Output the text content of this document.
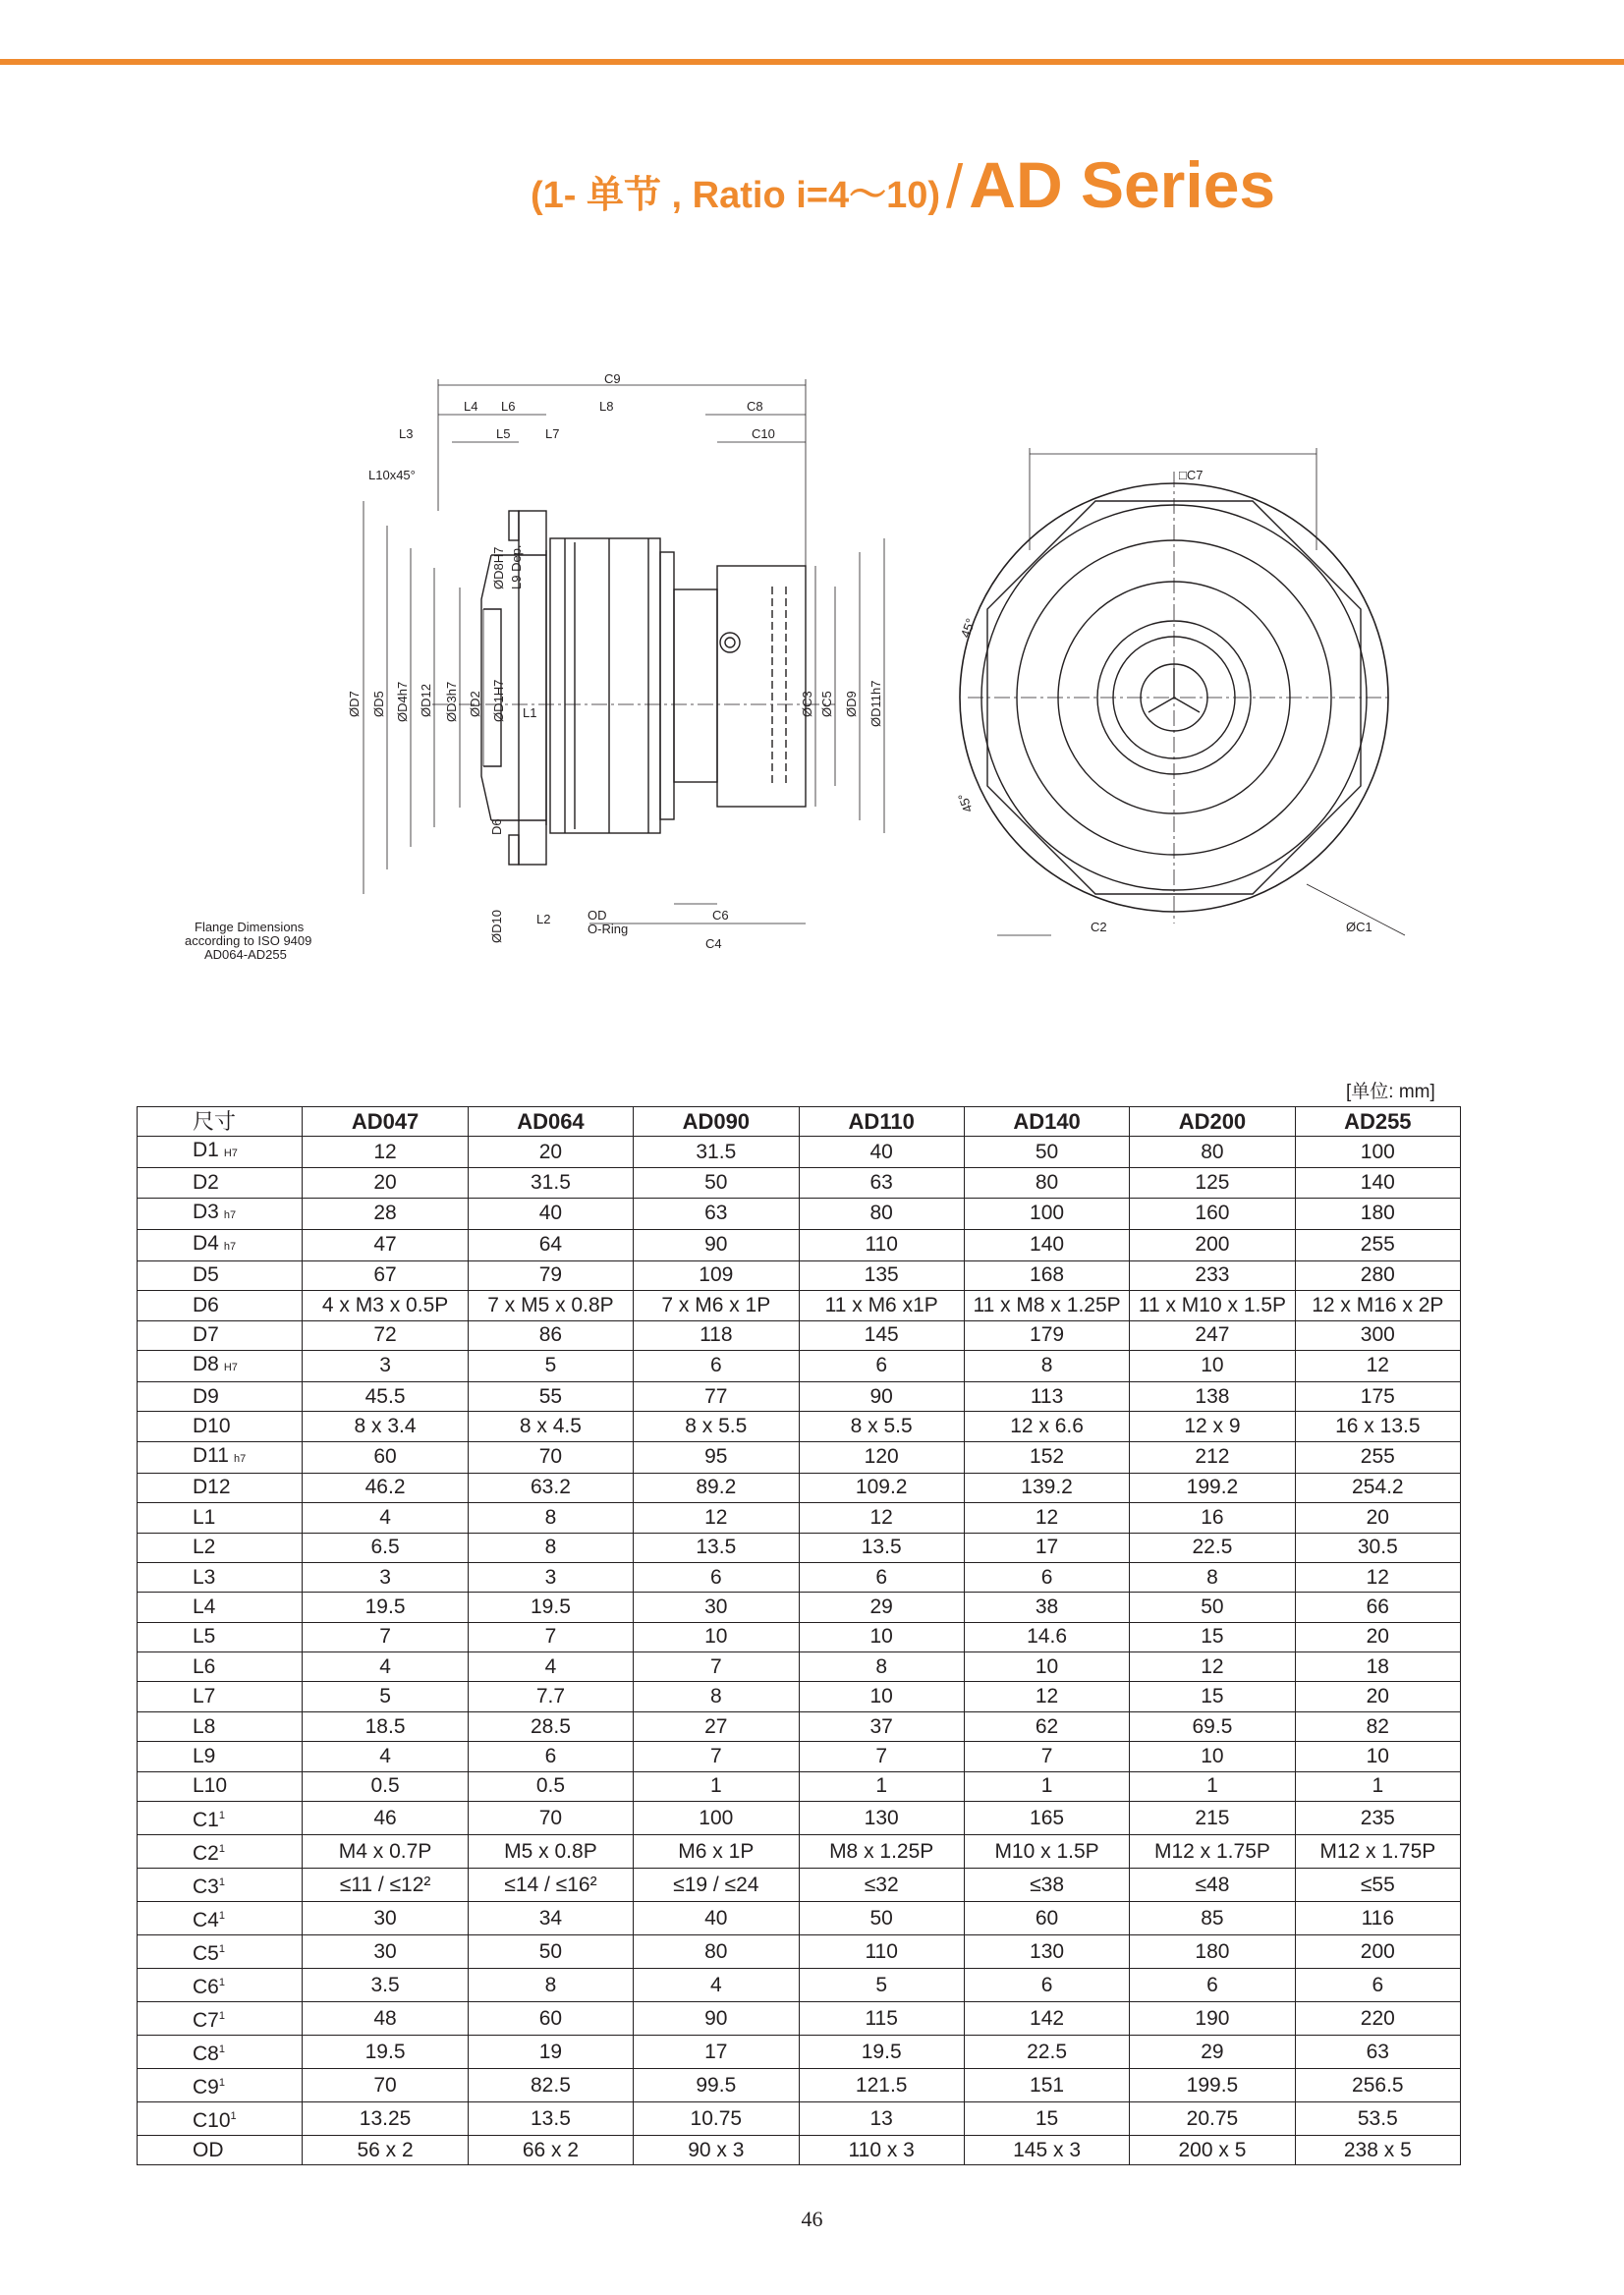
(1- 单节 , Ratio i=4～10)/AD Series
C9
L4 L6	L8	C8
L3	L5	L7	C10
L10x45°	□C7
ØD7 ØD5 ØD4h7 ØD12 ØD3h7 ØD2 ØD1H7
ØD8H7 L9 Dep.
L1
D6
ØD10	L2	OD
O-Ring
C6
C4
ØC3 ØC5 ØD9 ØD11h7
Flange Dimensions
according to ISO 9409
AD064-AD255
C2	ØC1
45°
45°
[单位: mm]
尺寸	AD047	AD064	AD090	AD110	AD140	AD200	AD255
D1 H7	12	20	31.5	40	50	80	100
D2	20	31.5	50	63	80	125	140
D3 h7	28	40	63	80	100	160	180
D4 h7	47	64	90	110	140	200	255
D5	67	79	109	135	168	233	280
D6	4 x M3 x 0.5P	7 x M5 x 0.8P	7 x M6 x 1P	11 x M6 x1P	11 x M8 x 1.25P	11 x M10 x 1.5P	12 x M16 x 2P
D7	72	86	118	145	179	247	300
D8 H7	3	5	6	6	8	10	12
D9	45.5	55	77	90	113	138	175
D10	8 x 3.4	8 x 4.5	8 x 5.5	8 x 5.5	12 x 6.6	12 x 9	16 x 13.5
D11 h7	60	70	95	120	152	212	255
D12	46.2	63.2	89.2	109.2	139.2	199.2	254.2
L1	4	8	12	12	12	16	20
L2	6.5	8	13.5	13.5	17	22.5	30.5
L3	3	3	6	6	6	8	12
L4	19.5	19.5	30	29	38	50	66
L5	7	7	10	10	14.6	15	20
L6	4	4	7	8	10	12	18
L7	5	7.7	8	10	12	15	20
L8	18.5	28.5	27	37	62	69.5	82
L9	4	6	7	7	7	10	10
L10	0.5	0.5	1	1	1	1	1
$C1^1$	46	70	100	130	165	215	235
$C2^1$	M4 x 0.7P	M5 x 0.8P	M6 x 1P	M8 x 1.25P	M10 x 1.5P	M12 x 1.75P	M12 x 1.75P
$C3^1$	≤11 / ≤12²	≤14 / ≤16²	≤19 / ≤24	≤32	≤38	≤48	≤55
$C4^1$	30	34	40	50	60	85	116
$C5^1$	30	50	80	110	130	180	200
$C6^1$	3.5	8	4	5	6	6	6
$C7^1$	48	60	90	115	142	190	220
$C8^1$	19.5	19	17	19.5	22.5	29	63
$C9^1$	70	82.5	99.5	121.5	151	199.5	256.5
$C10^1$	13.25	13.5	10.75	13	15	20.75	53.5
OD	56 x 2	66 x 2	90 x 3	110 x 3	145 x 3	200 x 5	238 x 5
46
